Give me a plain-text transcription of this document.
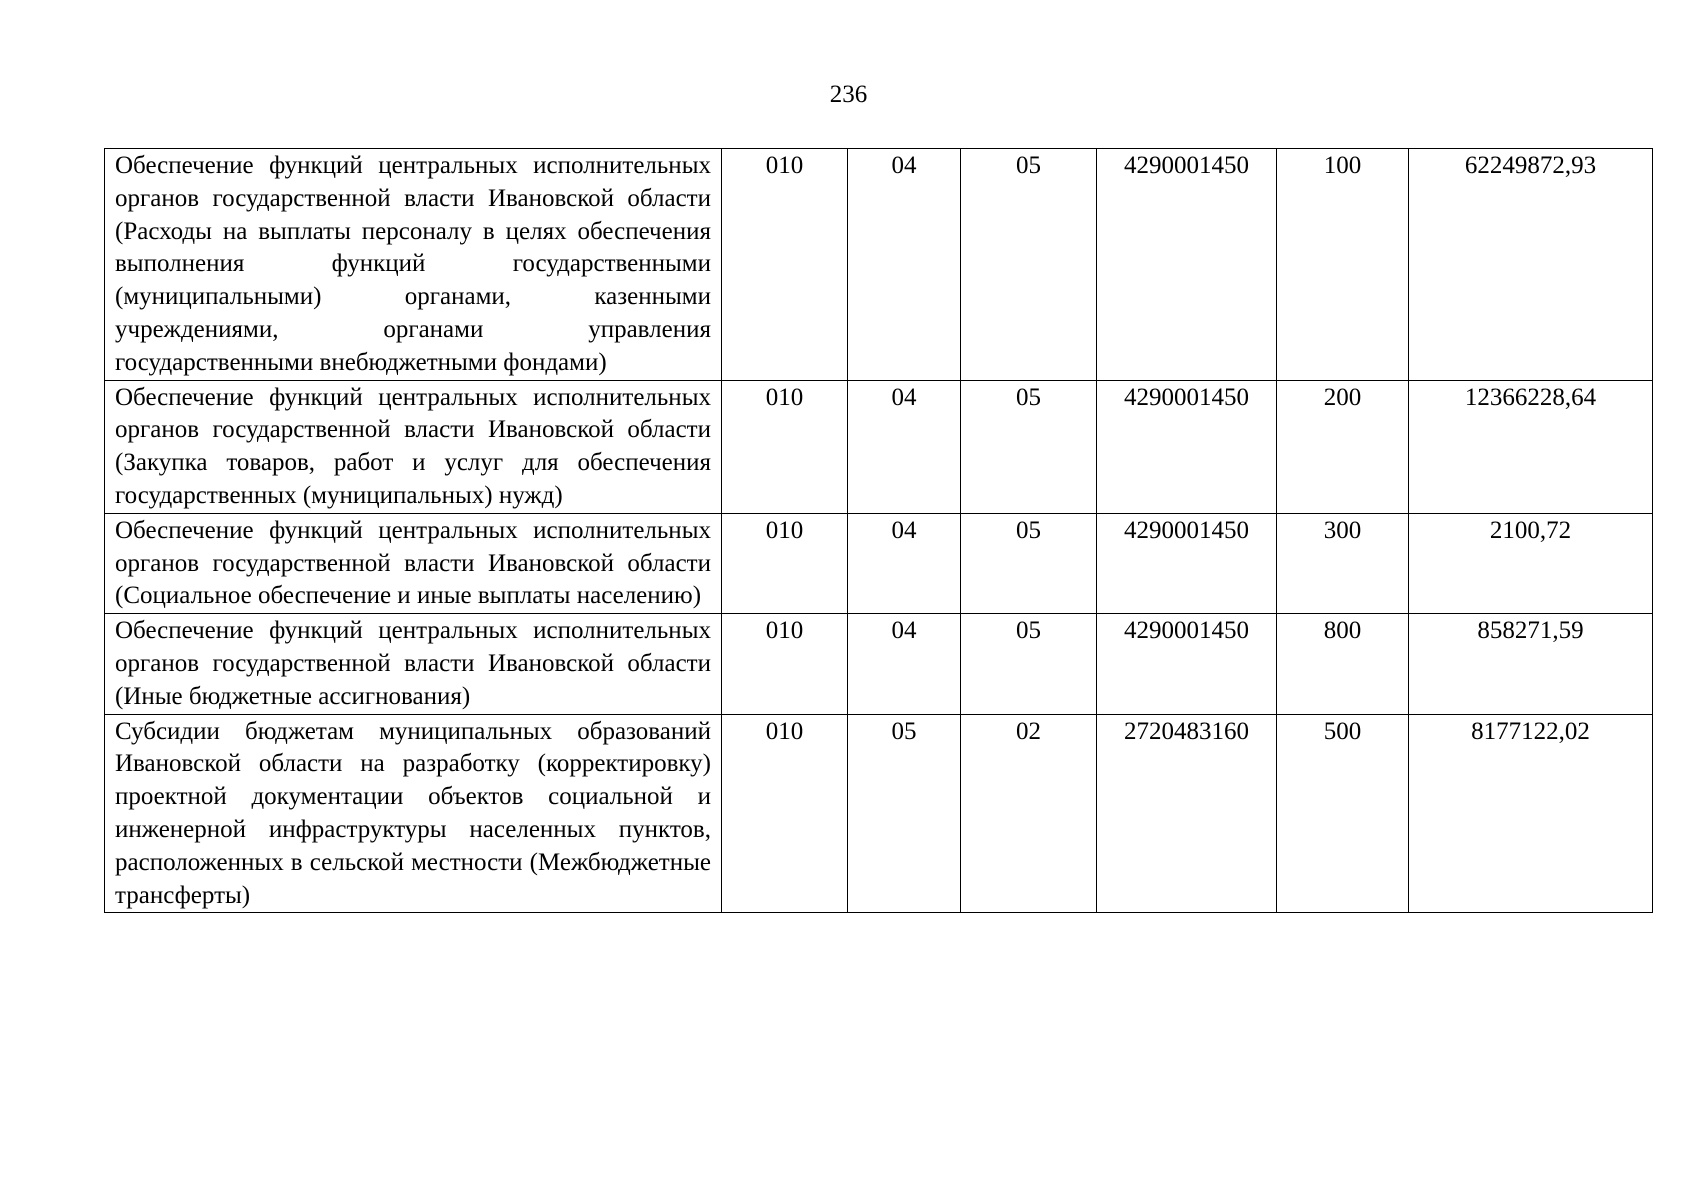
236
Обеспечение функций центральных исполнительных органов государственной власти Ивановской области (Расходы на выплаты персоналу в целях обеспечения выполнения функций государственными (муниципальными) органами, казенными учреждениями, органами управления государственными внебюджетными фондами)	010	04	05	4290001450	100	62249872,93
Обеспечение функций центральных исполнительных органов государственной власти Ивановской области (Закупка товаров, работ и услуг для обеспечения государственных (муниципальных) нужд)	010	04	05	4290001450	200	12366228,64
Обеспечение функций центральных исполнительных органов государственной власти Ивановской области (Социальное обеспечение и иные выплаты населению)	010	04	05	4290001450	300	2100,72
Обеспечение функций центральных исполнительных органов государственной власти Ивановской области (Иные бюджетные ассигнования)	010	04	05	4290001450	800	858271,59
Субсидии бюджетам муниципальных образований Ивановской области на разработку (корректировку) проектной документации объектов социальной и инженерной инфраструктуры населенных пунктов, расположенных в сельской местности (Межбюджетные трансферты)	010	05	02	2720483160	500	8177122,02
